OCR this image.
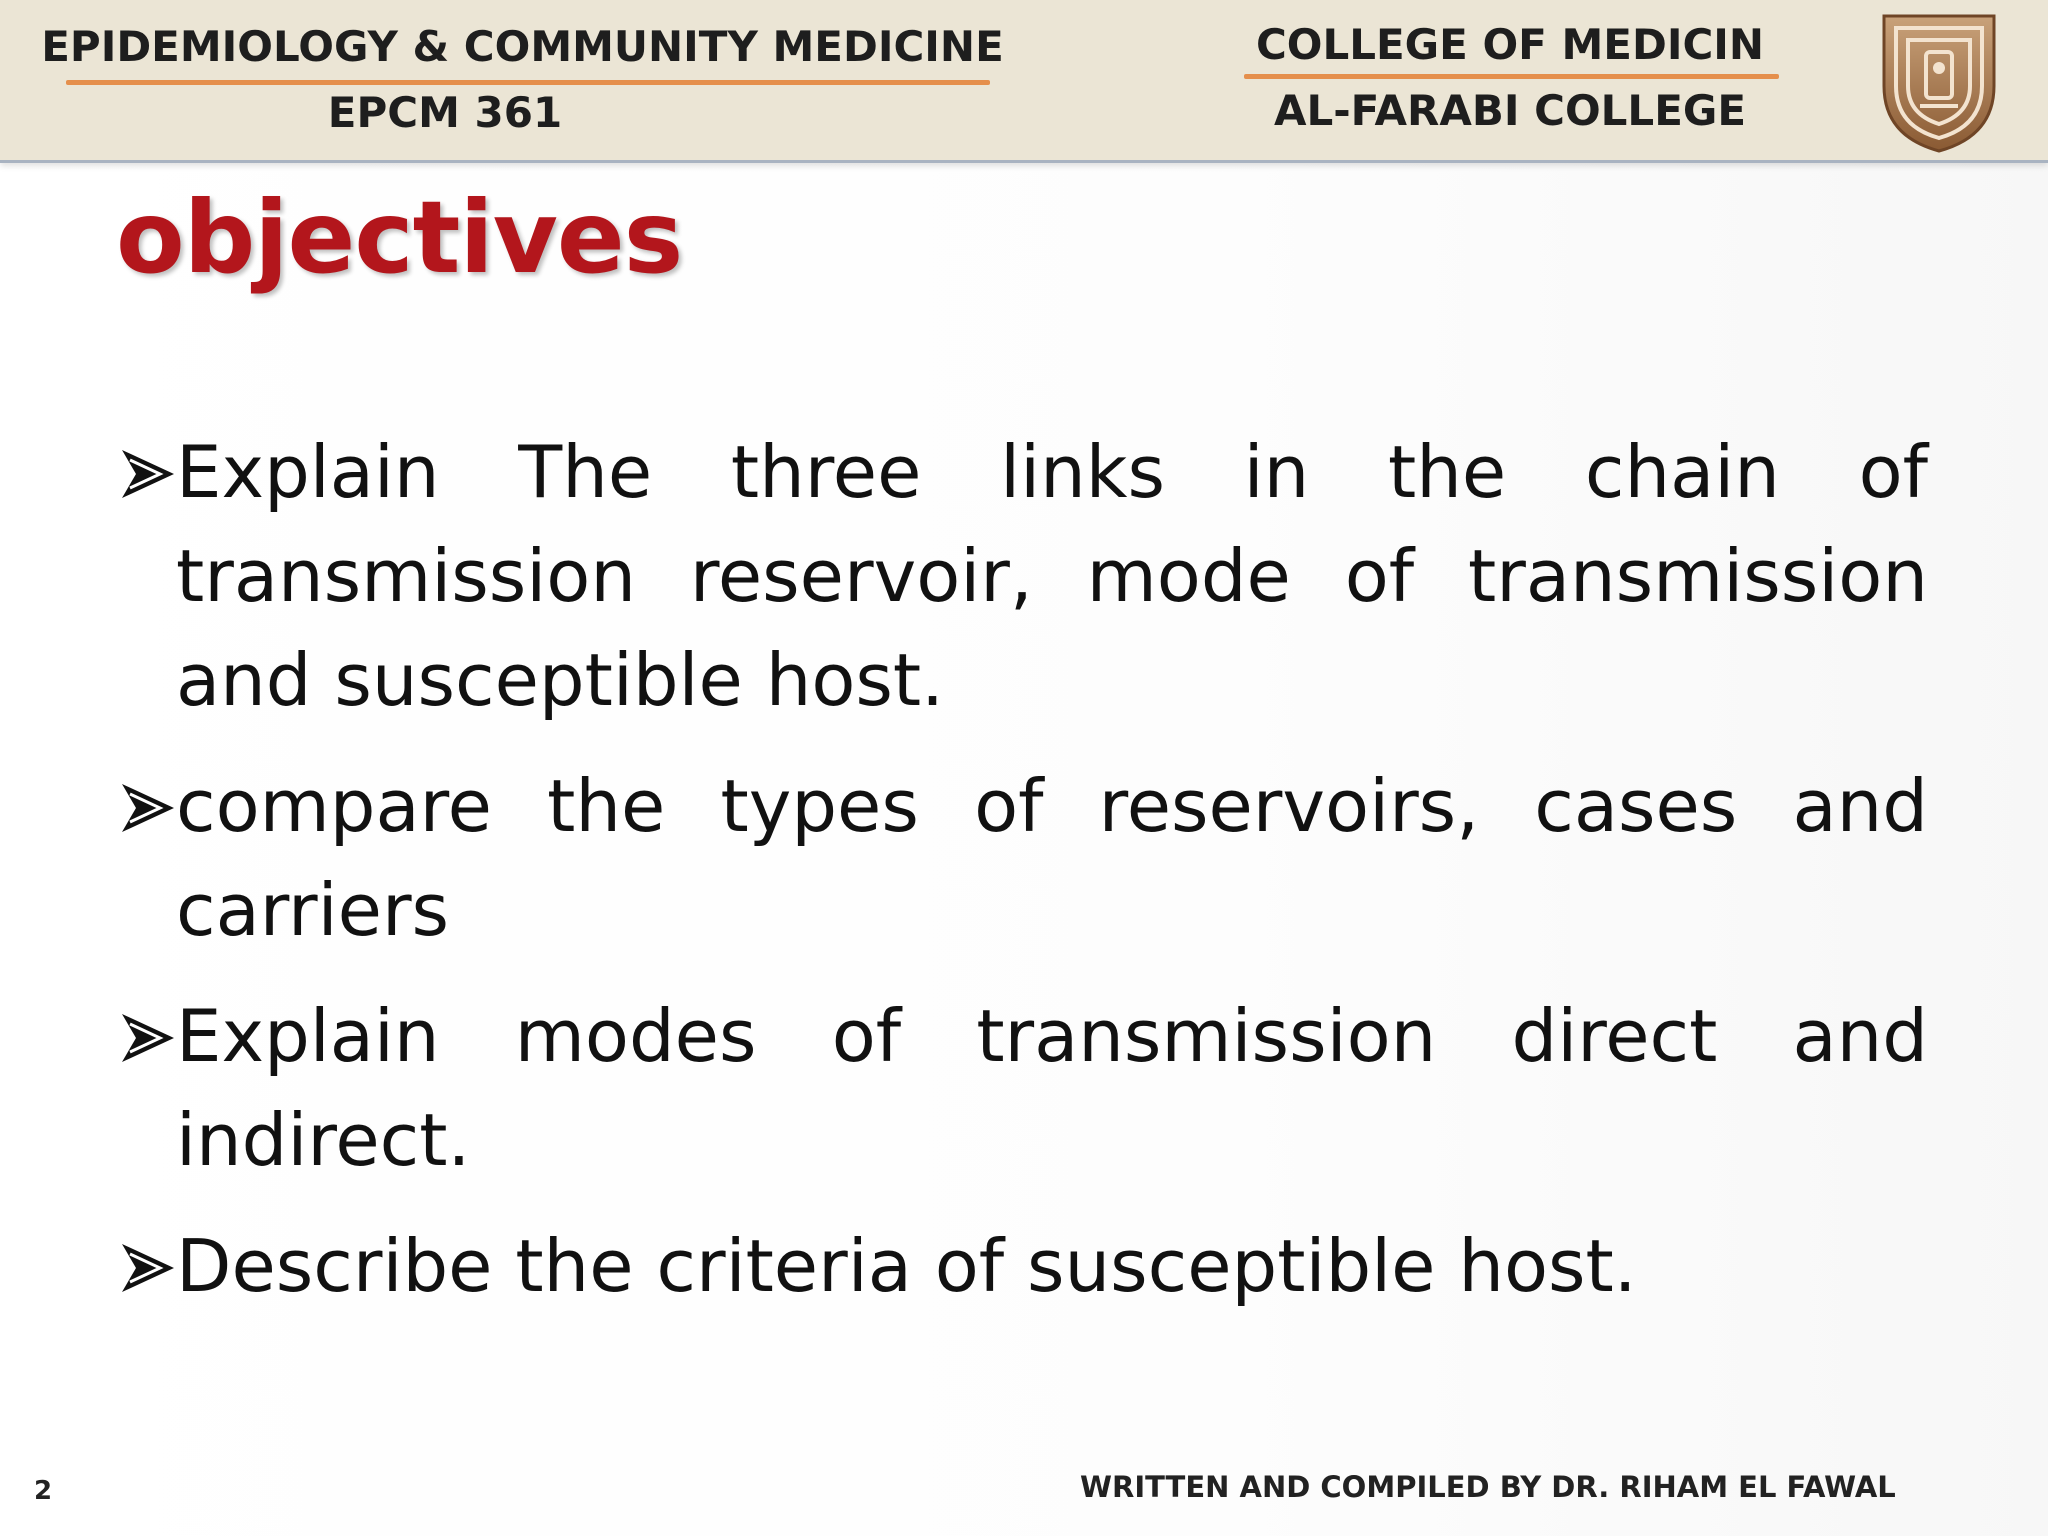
EPIDEMIOLOGY & COMMUNITY MEDICINE
EPCM 361
COLLEGE OF MEDICIN
AL-FARABI COLLEGE
objectives
Explain The three links in the chain of transmission reservoir, mode of transmission and susceptible host.
compare the types of reservoirs, cases and carriers
Explain modes of transmission direct and indirect.
Describe the criteria of susceptible host.
2	WRITTEN AND COMPILED BY DR. RIHAM EL FAWAL
